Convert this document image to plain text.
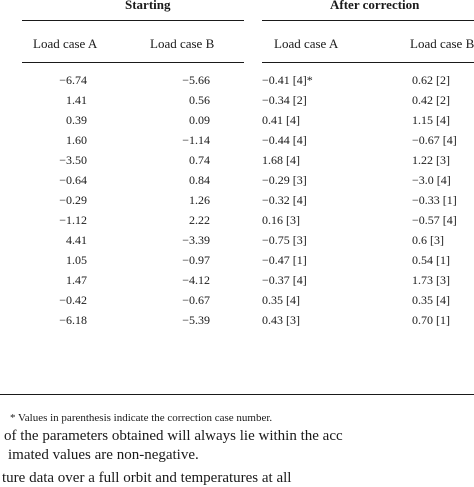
Starting	After correction
Load case A	Load case B	Load case A	Load case B
−6.74	−5.66	−0.41 [4]*	0.62 [2]
1.41	0.56	−0.34 [2]	0.42 [2]
0.39	0.09	0.41 [4]	1.15 [4]
1.60	−1.14	−0.44 [4]	−0.67 [4]
−3.50	0.74	1.68 [4]	1.22 [3]
−0.64	0.84	−0.29 [3]	−3.0 [4]
−0.29	1.26	−0.32 [4]	−0.33 [1]
−1.12	2.22	0.16 [3]	−0.57 [4]
4.41	−3.39	−0.75 [3]	0.6 [3]
1.05	−0.97	−0.47 [1]	0.54 [1]
1.47	−4.12	−0.37 [4]	1.73 [3]
−0.42	−0.67	0.35 [4]	0.35 [4]
−6.18	−5.39	0.43 [3]	0.70 [1]
* Values in parenthesis indicate the correction case number.
of the parameters obtained will always lie within the acc
imated values are non-negative.
ture data over a full orbit and temperatures at all
